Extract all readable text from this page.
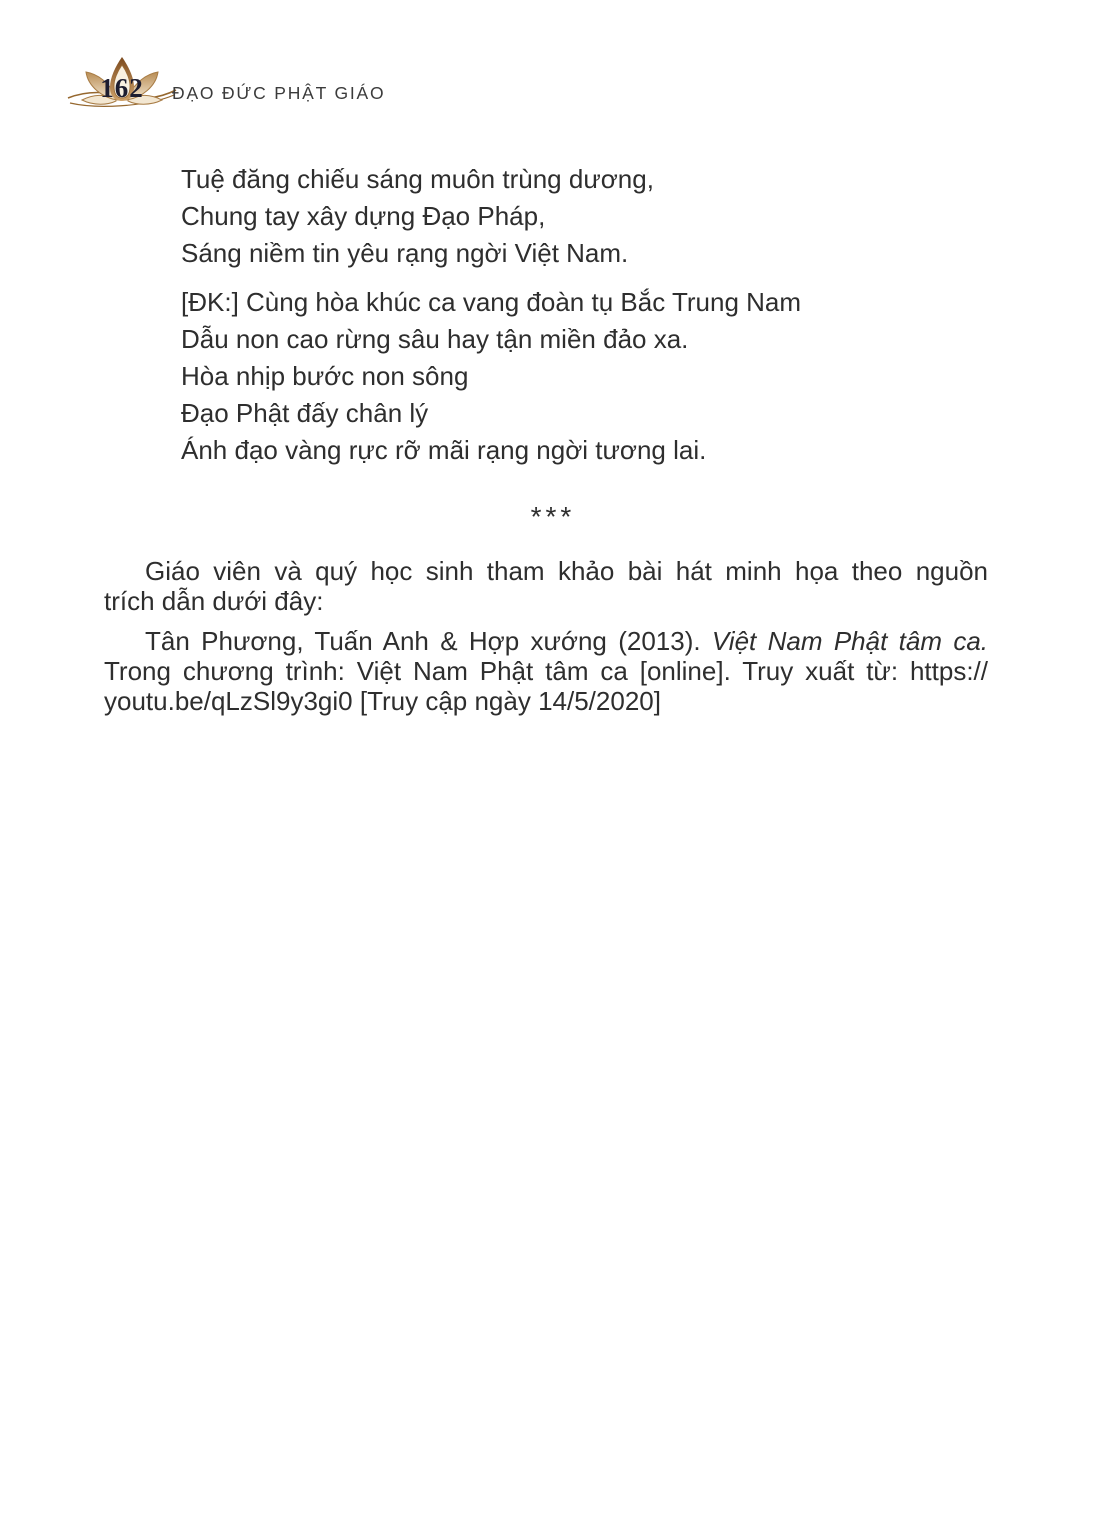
162	ĐẠO ĐỨC PHẬT GIÁO
Tuệ đăng chiếu sáng muôn trùng dương,
Chung tay xây dựng Đạo Pháp,
Sáng niềm tin yêu rạng ngời Việt Nam.
[ĐK:] Cùng hòa khúc ca vang đoàn tụ Bắc Trung Nam
Dẫu non cao rừng sâu hay tận miền đảo xa.
Hòa nhịp bước non sông
Đạo Phật đấy chân lý
Ánh đạo vàng rực rỡ mãi rạng ngời tương lai.
***
Giáo viên và quý học sinh tham khảo bài hát minh họa theo nguồn
trích dẫn dưới đây:
Tân Phương, Tuấn Anh & Hợp xướng (2013). Việt Nam Phật tâm ca.
Trong chương trình: Việt Nam Phật tâm ca [online]. Truy xuất từ: https://
youtu.be/qLzSl9y3gi0 [Truy cập ngày 14/5/2020]
